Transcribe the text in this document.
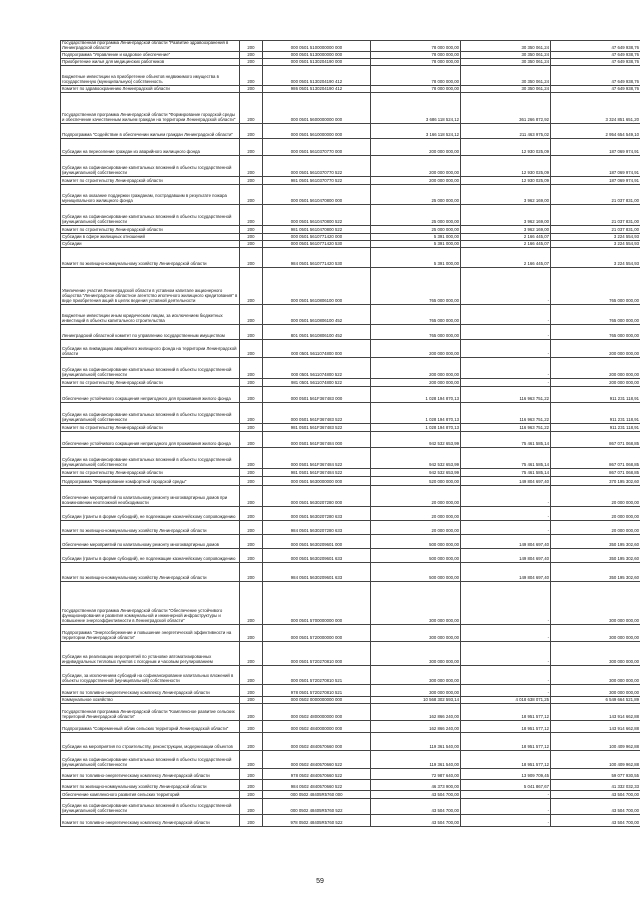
Государственная программа Ленинградской области "Развитие здравоохранения в Ленинградской области"	200	000 0501 5100000000 000	78 000 000,00	30 350 061,24	47 649 938,76
Подпрограмма "Управление и кадровое обеспечение"	200	000 0501 5130000000 000	78 000 000,00	30 350 061,24	47 649 938,76
Приобретение жилья для медицинских работников	200	000 0501 5130204190 000	78 000 000,00	30 350 061,24	47 649 938,76
Бюджетные инвестиции на приобретение объектов недвижимого имущества в государственную (муниципальную) собственность	200	000 0501 5130204190 412	78 000 000,00	30 350 061,24	47 649 938,76
Комитет по здравоохранению Ленинградской области	200	986 0501 5130204190 412	78 000 000,00	30 350 061,24	47 649 938,76
Государственная программа Ленинградской области "Формирование городской среды и обеспечение качественным жильем граждан на территории Ленинградской области"	200	000 0501 5600000000 000	3 686 118 524,12	361 266 872,92	3 324 851 651,20
Подпрограмма "Содействие в обеспечении жильем граждан Ленинградской области"	200	000 0501 5610000000 000	3 166 118 524,12	211 463 975,02	2 954 654 549,10
Субсидии на переселение граждан из аварийного жилищного фонда	200	000 0501 5610370770 000	200 000 000,00	12 930 025,09	187 069 974,91
Субсидии на софинансирование капитальных вложений в объекты государственной (муниципальной) собственности	200	000 0501 5610370770 522	200 000 000,00	12 930 025,09	187 069 974,91
Комитет по строительству Ленинградской области	200	981 0501 5610370770 522	200 000 000,00	12 930 025,09	187 069 974,91
Субсидии на оказание поддержки гражданам, пострадавшим в результате пожара муниципального жилищного фонда	200	000 0501 5610470800 000	25 000 000,00	3 962 169,00	21 037 831,00
Субсидии на софинансирование капитальных вложений в объекты государственной (муниципальной) собственности	200	000 0501 5610470800 522	25 000 000,00	3 962 169,00	21 037 831,00
Комитет по строительству Ленинградской области	200	981 0501 5610470800 522	25 000 000,00	3 962 169,00	21 037 831,00
Субсидии в сфере жилищных отношений	200	000 0501 5610771420 000	5 391 000,00	2 166 445,07	3 224 554,93
Субсидии	200	000 0501 5610771420 530	5 391 000,00	2 166 445,07	3 224 554,93
Комитет по жилищно-коммунальному хозяйству Ленинградской области	200	984 0501 5610771420 530	5 391 000,00	2 166 445,07	3 224 554,93
Увеличение участия Ленинградской области в уставном капитале акционерного общества "Ленинградское областное агентство ипотечного жилищного кредитования" в виде приобретения акций в целях ведения уставной деятельности	200	000 0501 5610806100 000	765 000 000,00	-	765 000 000,00
Бюджетные инвестиции иным юридическим лицам, за исключением бюджетных инвестиций в объекты капитального строительства	200	000 0501 5610806100 452	765 000 000,00	-	765 000 000,00
Ленинградский областной комитет по управлению государственным имуществом	200	801 0501 5610806100 452	765 000 000,00	-	765 000 000,00
Субсидии на ликвидацию аварийного жилищного фонда на территории Ленинградской области	200	000 0501 5611074800 000	200 000 000,00	-	200 000 000,00
Субсидии на софинансирование капитальных вложений в объекты государственной (муниципальной) собственности	200	000 0501 5611074800 522	200 000 000,00	-	200 000 000,00
Комитет по строительству Ленинградской области	200	981 0501 5611074800 522	200 000 000,00	-	200 000 000,00
Обеспечение устойчивого сокращения непригодного для проживания жилого фонда	200	000 0501 561F367483 000	1 028 194 870,13	116 963 751,22	911 231 118,91
Субсидии на софинансирование капитальных вложений в объекты государственной (муниципальной) собственности	200	000 0501 561F367483 522	1 028 194 870,13	116 963 751,22	911 231 118,91
Комитет по строительству Ленинградской области	200	981 0501 561F367483 522	1 028 194 870,13	116 963 751,22	911 231 118,91
Обеспечение устойчивого сокращения непригодного для проживания жилого фонда	200	000 0501 561F367484 000	942 532 653,99	75 461 585,14	867 071 068,85
Субсидии на софинансирование капитальных вложений в объекты государственной (муниципальной) собственности	200	000 0501 561F367484 522	942 532 653,99	75 461 585,14	867 071 068,85
Комитет по строительству Ленинградской области	200	981 0501 561F367484 522	942 532 653,99	75 461 585,14	867 071 068,85
Подпрограмма "Формирование комфортной городской среды"	200	000 0501 5630000000 000	520 000 000,00	149 804 697,40	370 195 302,60
Обеспечение мероприятий по капитальному ремонту многоквартирных домов при возникновении неотложной необходимости	200	000 0501 5630207280 000	20 000 000,00	-	20 000 000,00
Субсидии (гранты в форме субсидий), не подлежащие казначейскому сопровождению	200	000 0501 5630207280 633	20 000 000,00	-	20 000 000,00
Комитет по жилищно-коммунальному хозяйству Ленинградской области	200	984 0501 5630207280 633	20 000 000,00	-	20 000 000,00
Обеспечение мероприятий по капитальному ремонту многоквартирных домов	200	000 0501 5630209601 000	500 000 000,00	149 804 697,40	350 195 302,60
Субсидии (гранты в форме субсидий), не подлежащие казначейскому сопровождению	200	000 0501 5630209601 633	500 000 000,00	149 804 697,40	350 195 302,60
Комитет по жилищно-коммунальному хозяйству Ленинградской области	200	984 0501 5630209601 633	500 000 000,00	149 804 697,40	350 195 302,60
Государственная программа Ленинградской области "Обеспечение устойчивого функционирования и развития коммунальной и инженерной инфраструктуры и повышение энергоэффективности в Ленинградской области"	200	000 0501 5700000000 000	300 000 000,00	-	300 000 000,00
Подпрограмма "Энергосбережение и повышение энергетической эффективности на территории Ленинградской области"	200	000 0501 5720000000 000	300 000 000,00	-	300 000 000,00
Субсидии на реализацию мероприятий по установке автоматизированных индивидуальных тепловых пунктов с погодным и часовым регулированием	200	000 0501 5720270810 000	300 000 000,00	-	300 000 000,00
Субсидии, за исключением субсидий на софинансирование капитальных вложений в объекты государственной (муниципальной) собственности	200	000 0501 5720270810 521	300 000 000,00	-	300 000 000,00
Комитет по топливно-энергетическому комплексу Ленинградской области	200	978 0501 5720270810 521	300 000 000,00	-	300 000 000,00
Коммунальное хозяйство	200	000 0502 0000000000 000	10 568 302 593,14	4 018 638 071,25	6 549 664 521,89
Государственная программа Ленинградской области "Комплексное развитие сельских территорий Ленинградской области"	200	000 0502 4800000000 000	162 866 240,00	18 951 577,12	143 914 662,88
Подпрограмма "Современный облик сельских территорий Ленинградской области"	200	000 0502 4840000000 000	162 866 240,00	18 951 577,12	143 914 662,88
Субсидии на мероприятия по строительству, реконструкции, модернизации объектов	200	000 0502 4840570660 000	119 361 540,00	18 951 577,12	100 409 962,88
Субсидии на софинансирование капитальных вложений в объекты государственной (муниципальной) собственности	200	000 0502 4840570660 522	119 361 540,00	18 951 577,12	100 409 962,88
Комитет по топливно-энергетическому комплексу Ленинградской области	200	978 0502 4840570660 522	72 987 640,00	13 909 709,45	59 077 930,55
Комитет по жилищно-коммунальному хозяйству Ленинградской области	200	984 0502 4840570660 522	46 373 900,00	5 041 867,67	41 332 032,33
Обеспечение комплексного развития сельских территорий	200	000 0502 48405R5760 000	43 504 700,00	-	43 504 700,00
Субсидии на софинансирование капитальных вложений в объекты государственной (муниципальной) собственности	200	000 0502 48405R5760 522	43 504 700,00	-	43 504 700,00
Комитет по топливно-энергетическому комплексу Ленинградской области	200	978 0502 48405R5760 522	43 504 700,00	-	43 504 700,00
59
